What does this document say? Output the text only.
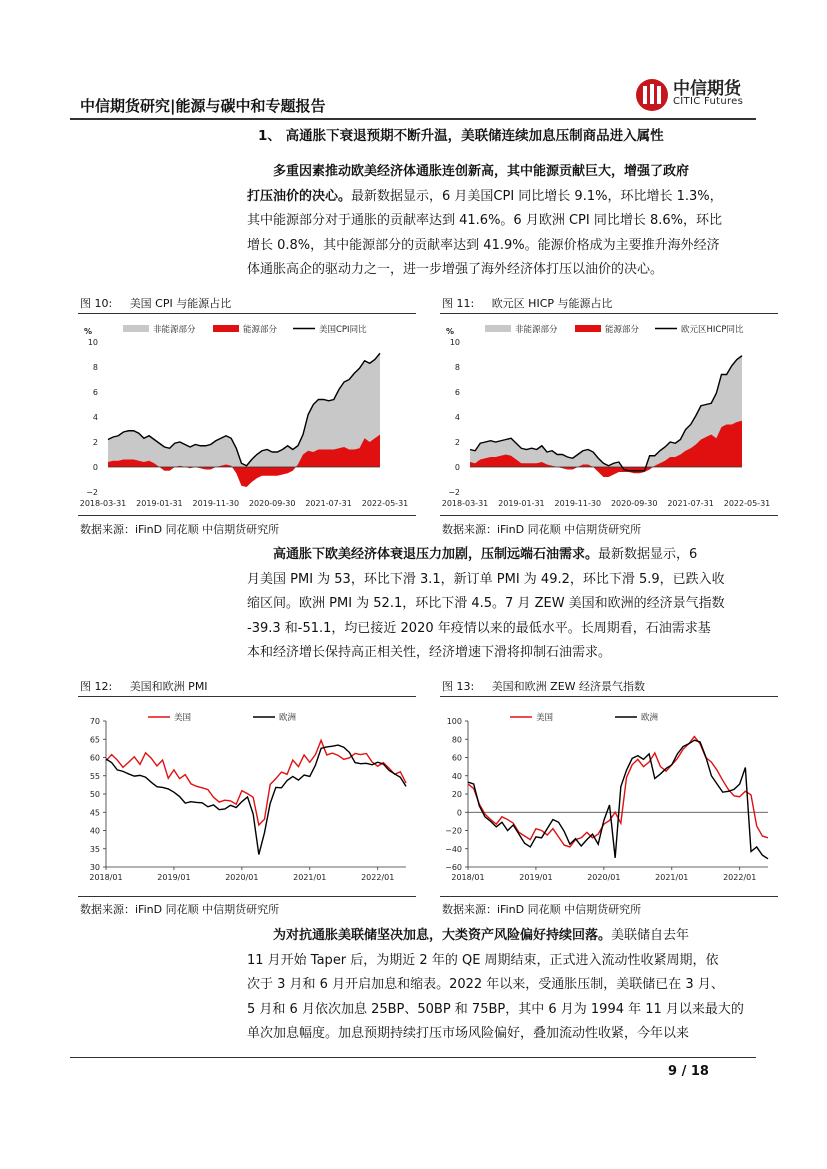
中信期货
CITIC Futures
中信期货研究|能源与碳中和专题报告
1、 高通胀下衰退预期不断升温，美联储连续加息压制商品进入属性
多重因素推动欧美经济体通胀连创新高，其中能源贡献巨大，增强了政府
打压油价的决心。最新数据显示，6 月美国CPI 同比增长 9.1%，环比增长 1.3%，
其中能源部分对于通胀的贡献率达到 41.6%。6 月欧洲 CPI 同比增长 8.6%，环比
增长 0.8%，其中能源部分的贡献率达到 41.9%。能源价格成为主要推升海外经济
体通胀高企的驱动力之一，进一步增强了海外经济体打压以油价的决心。
图 10: 美国 CPI 与能源占比	图 11: 欧元区 HICP 与能源占比
非能源部分	能源部分	美国CPI同比
%
−2
0
2
4
6
8
10
2018-03-31 2019-01-31 2019-11-30 2020-09-30 2021-07-31 2022-05-31
非能源部分	能源部分	欧元区HICP同比
%
−2
0
2
4
6
8
10
2018-03-31 2019-01-31 2019-11-30 2020-09-30 2021-07-31 2022-05-31
数据来源：iFinD 同花顺 中信期货研究所	数据来源：iFinD 同花顺 中信期货研究所
高通胀下欧美经济体衰退压力加剧，压制远端石油需求。最新数据显示，6
月美国 PMI 为 53，环比下滑 3.1，新订单 PMI 为 49.2，环比下滑 5.9，已跌入收
缩区间。欧洲 PMI 为 52.1，环比下滑 4.5。7 月 ZEW 美国和欧洲的经济景气指数
-39.3 和-51.1，均已接近 2020 年疫情以来的最低水平。长周期看，石油需求基
本和经济增长保持高正相关性，经济增速下滑将抑制石油需求。
图 12: 美国和欧洲 PMI	图 13: 美国和欧洲 ZEW 经济景气指数
30
35
40
45
50
55
60
65
70	美国	欧洲
2018/01	2019/01	2020/01	2021/01	2022/01
−60
−40
−20
0
20
40
60
80
100	美国	欧洲
2018/01	2019/01	2020/01	2021/01	2022/01
数据来源：iFinD 同花顺 中信期货研究所	数据来源：iFinD 同花顺 中信期货研究所
为对抗通胀美联储坚决加息，大类资产风险偏好持续回落。美联储自去年
11 月开始 Taper 后，为期近 2 年的 QE 周期结束，正式进入流动性收紧周期，依
次于 3 月和 6 月开启加息和缩表。2022 年以来，受通胀压制，美联储已在 3 月、
5 月和 6 月依次加息 25BP、50BP 和 75BP，其中 6 月为 1994 年 11 月以来最大的
单次加息幅度。加息预期持续打压市场风险偏好，叠加流动性收紧，今年以来
9 / 18
